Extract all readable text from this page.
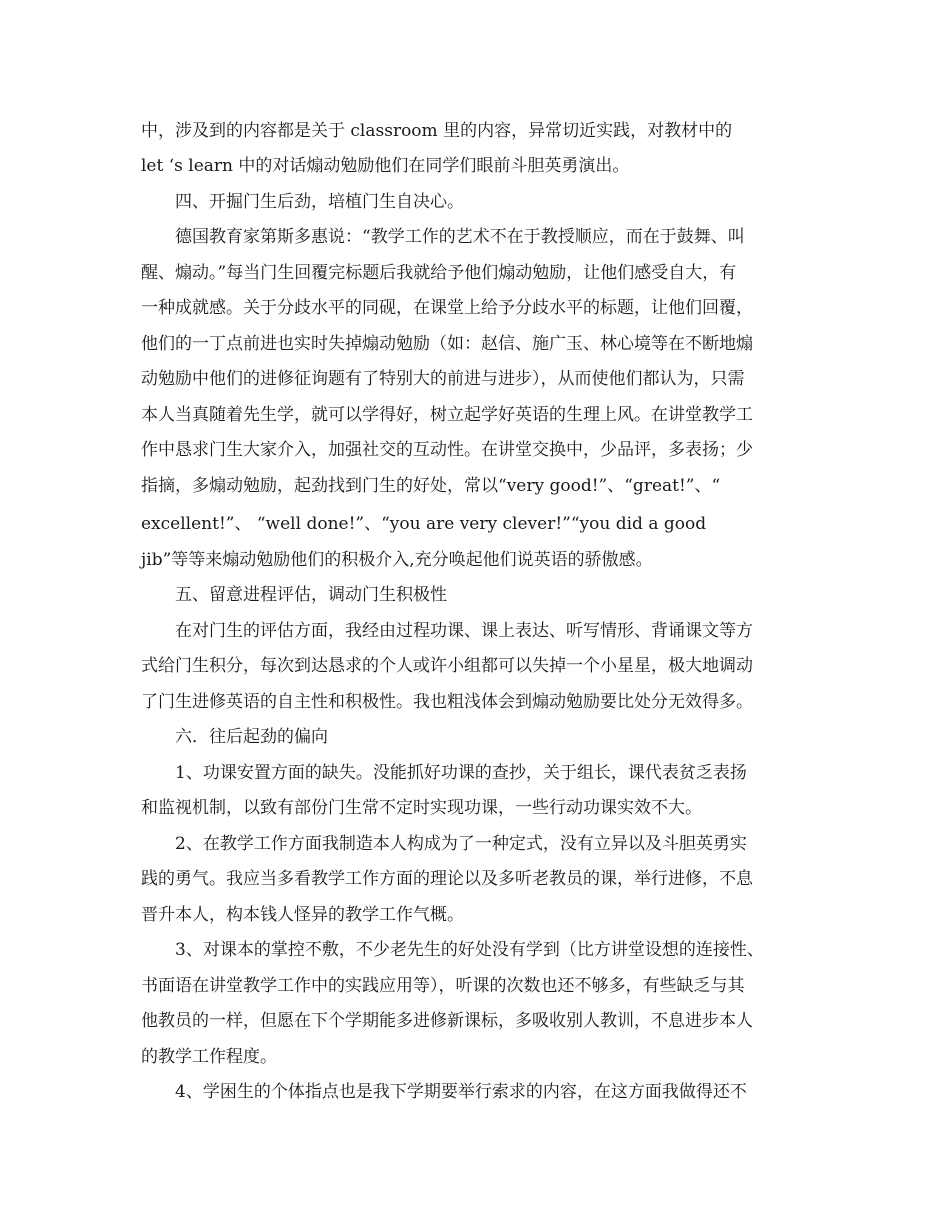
中，涉及到的内容都是关于 classroom 里的内容，异常切近实践，对教材中的
let ‘s learn 中的对话煽动勉励他们在同学们眼前斗胆英勇演出。
　　四、开掘门生后劲，培植门生自决心。
　　德国教育家第斯多惠说：“教学工作的艺术不在于教授顺应，而在于鼓舞、叫
醒、煽动。”每当门生回覆完标题后我就给予他们煽动勉励，让他们感受自大，有
一种成就感。关于分歧水平的同砚，在课堂上给予分歧水平的标题，让他们回覆，
他们的一丁点前进也实时失掉煽动勉励（如：赵信、施广玉、林心境等在不断地煽
动勉励中他们的进修征询题有了特别大的前进与进步），从而使他们都认为，只需
本人当真随着先生学，就可以学得好，树立起学好英语的生理上风。在讲堂教学工
作中恳求门生大家介入，加强社交的互动性。在讲堂交换中，少品评，多表扬；少
指摘，多煽动勉励，起劲找到门生的好处，常以“very good!”、“great!”、“
excellent!”、 “well done!”、“you are very clever!”“you did a good
jib”等等来煽动勉励他们的积极介入,充分唤起他们说英语的骄傲感。
　　五、留意进程评估，调动门生积极性
　　在对门生的评估方面，我经由过程功课、课上表达、听写情形、背诵课文等方
式给门生积分，每次到达恳求的个人或许小组都可以失掉一个小星星，极大地调动
了门生进修英语的自主性和积极性。我也粗浅体会到煽动勉励要比处分无效得多。
　　六．往后起劲的偏向
　　1、功课安置方面的缺失。没能抓好功课的查抄，关于组长，课代表贫乏表扬
和监视机制，以致有部份门生常不定时实现功课，一些行动功课实效不大。
　　2、在教学工作方面我制造本人构成为了一种定式，没有立异以及斗胆英勇实
践的勇气。我应当多看教学工作方面的理论以及多听老教员的课，举行进修，不息
晋升本人，构本钱人怪异的教学工作气概。
　　3、对课本的掌控不敷，不少老先生的好处没有学到（比方讲堂设想的连接性、
书面语在讲堂教学工作中的实践应用等），听课的次数也还不够多，有些缺乏与其
他教员的一样，但愿在下个学期能多进修新课标，多吸收别人教训，不息进步本人
的教学工作程度。
　　4、学困生的个体指点也是我下学期要举行索求的内容，在这方面我做得还不
